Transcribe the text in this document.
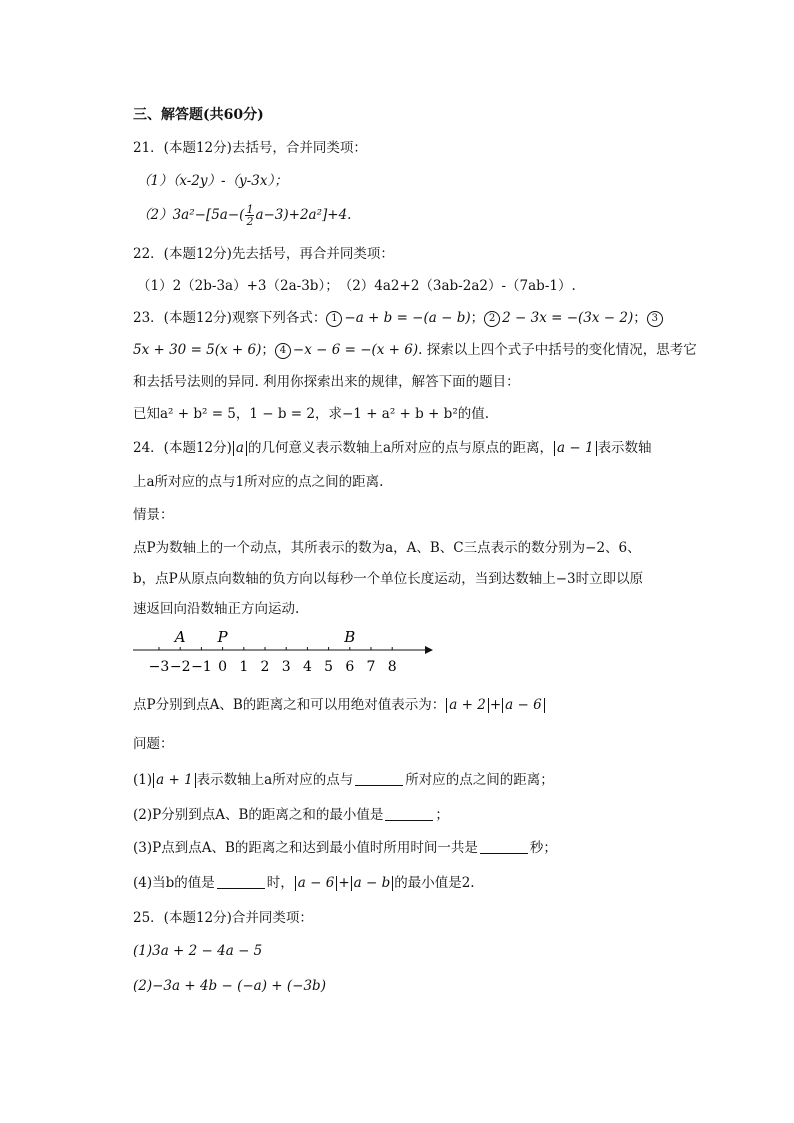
三、解答题(共60分)
21．(本题12分)去括号，合并同类项：
（1）（x-2y）-（y-3x）；
$(2)3a^2-[5a-( \frac{1}{2} a-3)+2a^2]+4$.
22．(本题12分)先去括号，再合并同类项：
（1）2（2b-3a）+3（2a-3b）；　（2）4a2+2（3ab-2a2）-（7ab-1）.
23．(本题12分)观察下列各式： 1 −a + b = −(a − b)； 2 2 − 3x = −(3x − 2)； 3
5x + 30 = 5(x + 6)； 4 −x − 6 = −(x + 6). 探索以上四个式子中括号的变化情况，思考它
和去括号法则的异同. 利用你探索出来的规律，解答下面的题目：
已知a² + b² = 5，1 − b = 2，求−1 + a² + b + b²的值.
24．(本题12分) a 的几何意义表示数轴上a所对应的点与原点的距离， a − 1 表示数轴
上a所对应的点与1所对应的点之间的距离.
情景：
点P为数轴上的一个动点，其所表示的数为a，A、B、C三点表示的数分别为−2、6、
b，点P从原点向数轴的负方向以每秒一个单位长度运动，当到达数轴上−3时立即以原
速返回向沿数轴正方向运动.
−3 −2 −1 0 1 2 3 4 5 6 7 8
A P	B
点P分别到点A、B的距离之和可以用绝对值表示为： a + 2 + a − 6
问题：
(1) a + 1 表示数轴上a所对应的点与	所对应的点之间的距离；
(2)P分别到点A、B的距离之和的最小值是	；
(3)P点到点A、B的距离之和达到最小值时所用时间一共是	秒；
(4)当b的值是	时， a − 6 + a − b 的最小值是2.
25．(本题12分)合并同类项：
(1)3a + 2 − 4a − 5
(2)−3a + 4b − (−a) + (−3b)
